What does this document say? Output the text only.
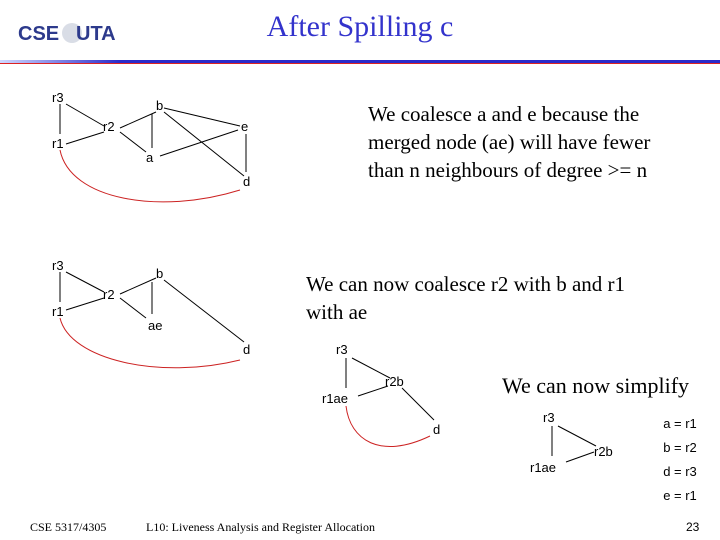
CSE UTA	After Spilling c
r3
r1
r2
b
a
e
d
r3
r1
r2
b
ae
d	r3
r2b
r1ae
d
r3
r2b
r1ae
We coalesce a and e because the merged node (ae) will have fewer than n neighbours of degree >= n
We can now coalesce r2 with b and r1 with ae
We can now simplify
a = r1
b = r2
d = r3
e = r1
CSE 5317/4305	L10: Liveness Analysis and Register Allocation	23
